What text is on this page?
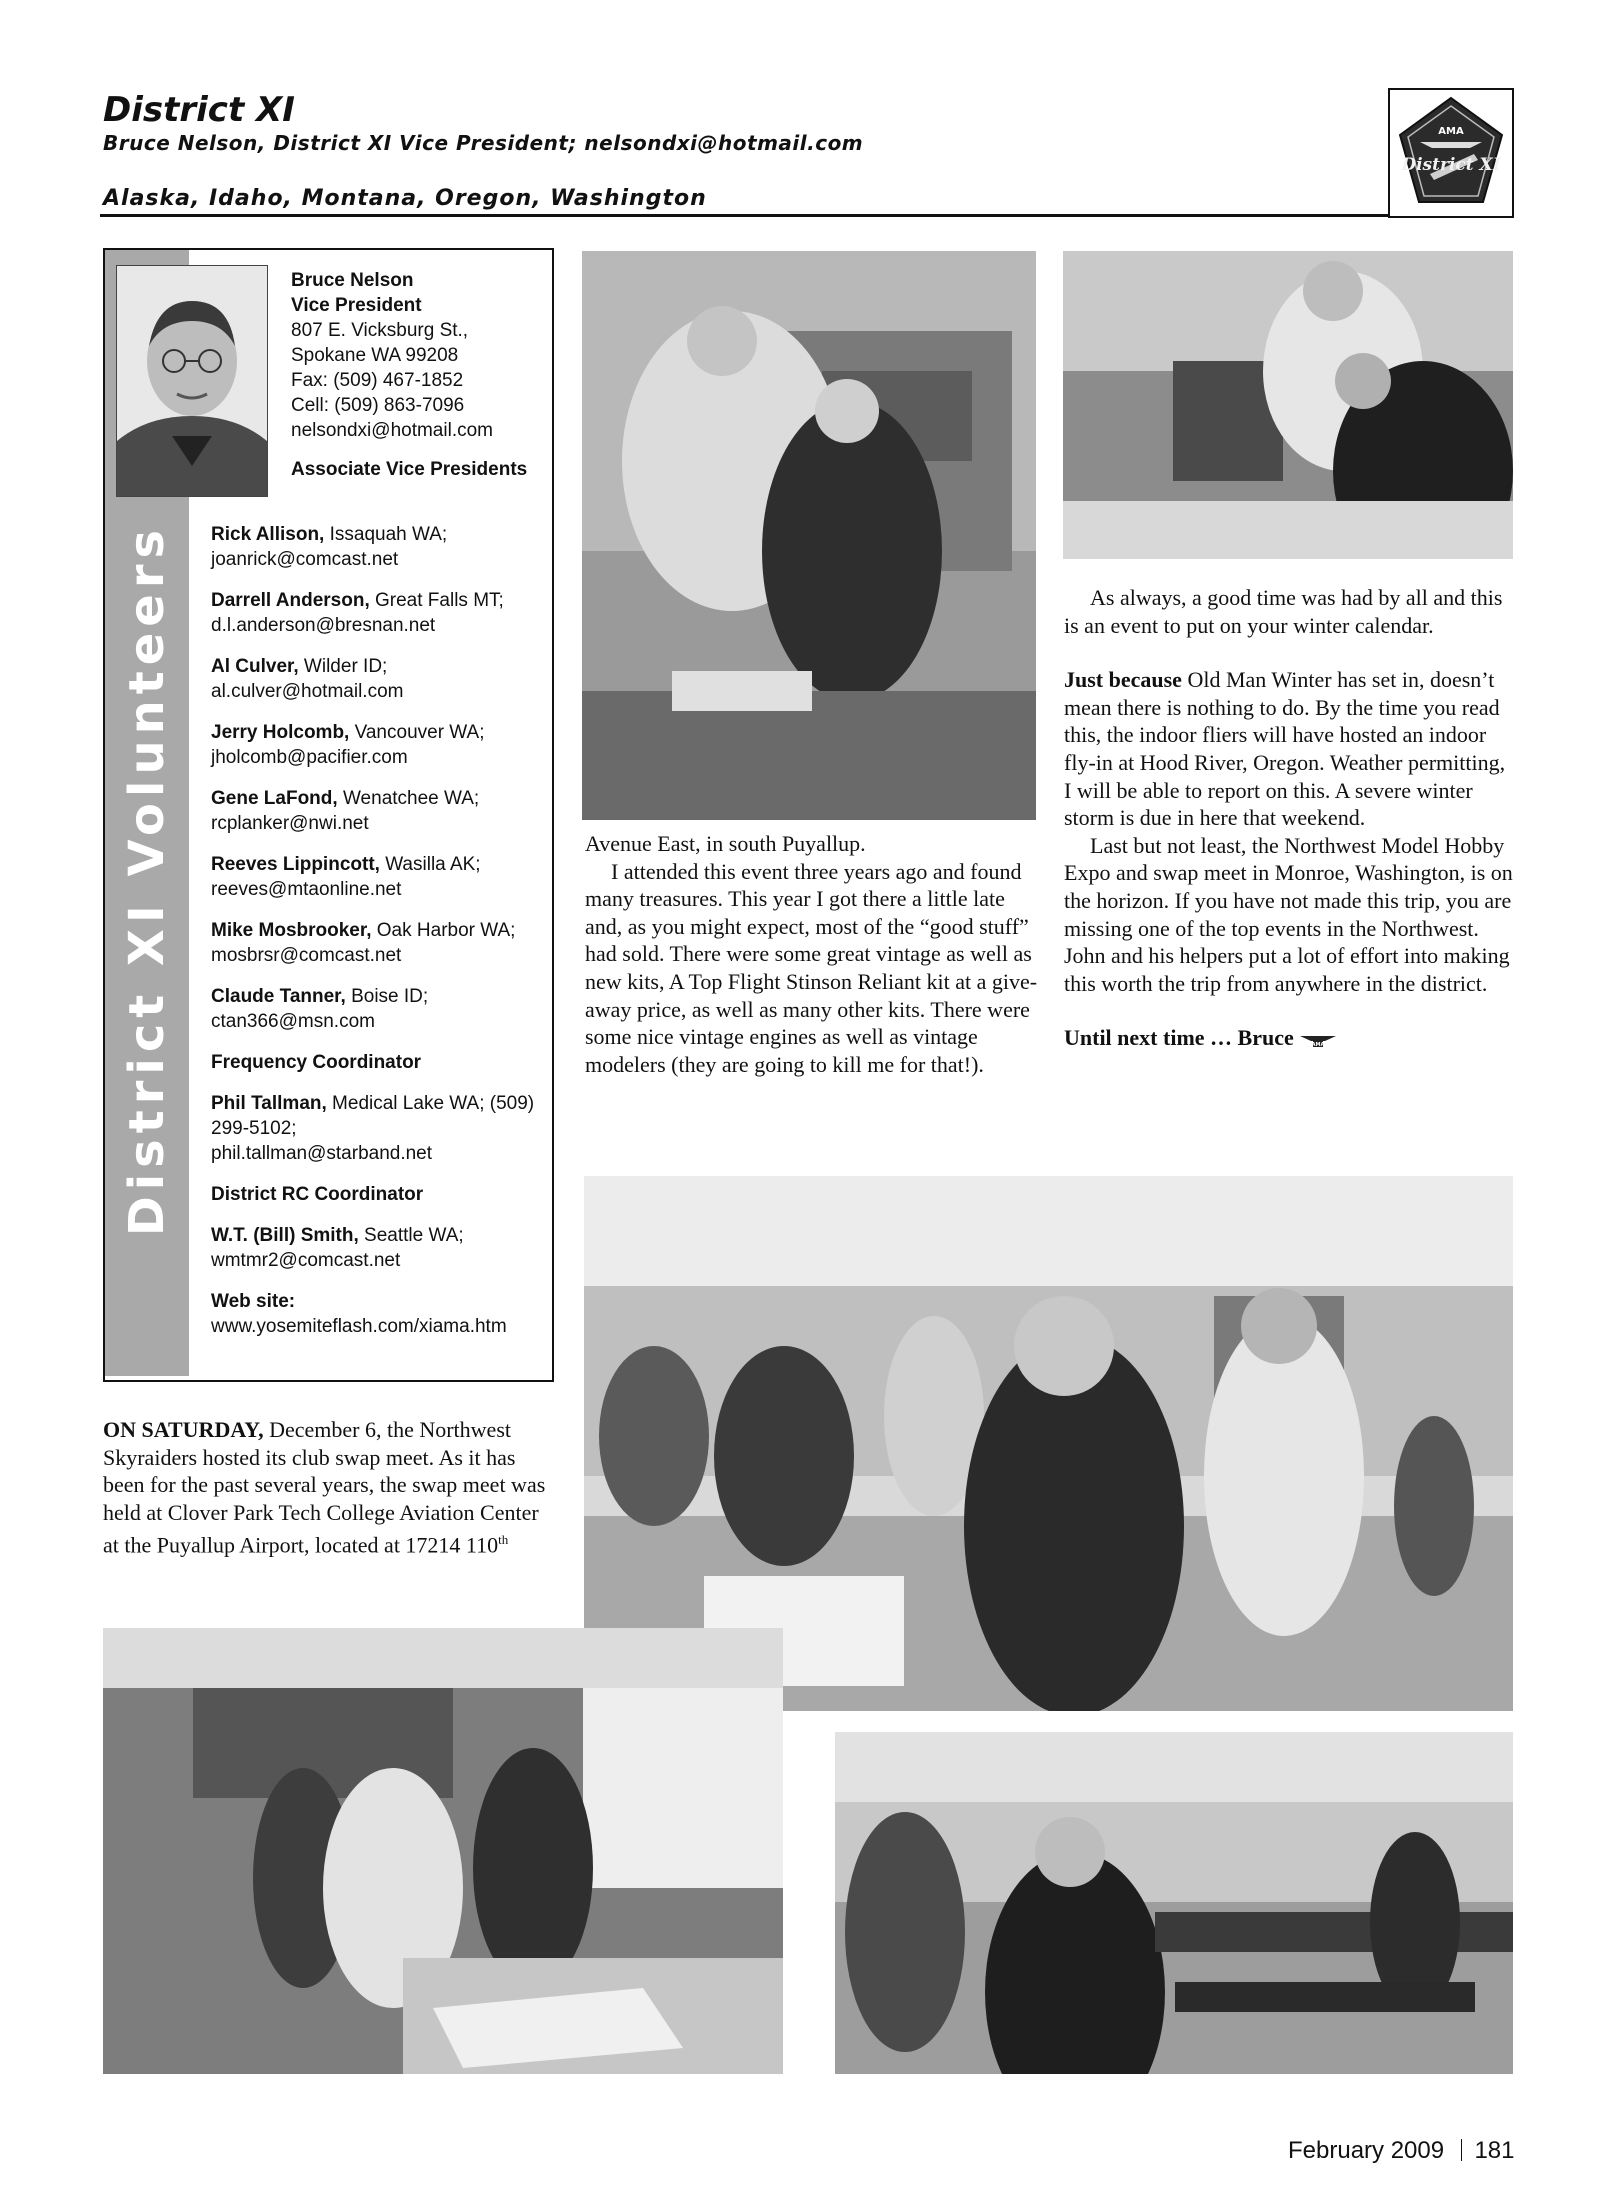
District XI
Bruce Nelson, District XI Vice President; nelsondxi@hotmail.com
Alaska, Idaho, Montana, Oregon, Washington
AMA
District XI
District XI Volunteers
Bruce Nelson
Vice President
807 E. Vicksburg St.,
Spokane WA 99208
Fax: (509) 467-1852
Cell: (509) 863-7096
nelsondxi@hotmail.com
Associate Vice Presidents
Rick Allison, Issaquah WA;
joanrick@comcast.net
Darrell Anderson, Great Falls MT;
d.l.anderson@bresnan.net
Al Culver, Wilder ID;
al.culver@hotmail.com
Jerry Holcomb, Vancouver WA;
jholcomb@pacifier.com
Gene LaFond, Wenatchee WA;
rcplanker@nwi.net
Reeves Lippincott, Wasilla AK;
reeves@mtaonline.net
Mike Mosbrooker, Oak Harbor WA;
mosbrsr@comcast.net
Claude Tanner, Boise ID;
ctan366@msn.com
Frequency Coordinator
Phil Tallman, Medical Lake WA; (509) 299-5102;
phil.tallman@starband.net
District RC Coordinator
W.T. (Bill) Smith, Seattle WA;
wmtmr2@comcast.net
Web site: www.yosemiteflash.com/xiama.htm

ON SATURDAY, December 6, the Northwest Skyraiders hosted its club swap meet. As it has been for the past several years, the swap meet was held at Clover Park Tech College Aviation Center at the Puyallup Airport, located at 17214 110th

Avenue East, in south Puyallup.

I attended this event three years ago and found many treasures. This year I got there a little late and, as you might expect, most of the “good stuff” had sold. There were some great vintage as well as new kits, A Top Flight Stinson Reliant kit at a give-away price, as well as many other kits. There were some nice vintage engines as well as vintage modelers (they are going to kill me for that!).

As always, a good time was had by all and this is an event to put on your winter calendar.

Just because Old Man Winter has set in, doesn’t mean there is nothing to do. By the time you read this, the indoor fliers will have hosted an indoor fly-in at Hood River, Oregon. Weather permitting, I will be able to report on this. A severe winter storm is due in here that weekend.

Last but not least, the Northwest Model Hobby Expo and swap meet in Monroe, Washington, is on the horizon. If you have not made this trip, you are missing one of the top events in the Northwest. John and his helpers put a lot of effort into making this worth the trip from anywhere in the district.

Until next time … Bruce	AMA

February 2009 181
